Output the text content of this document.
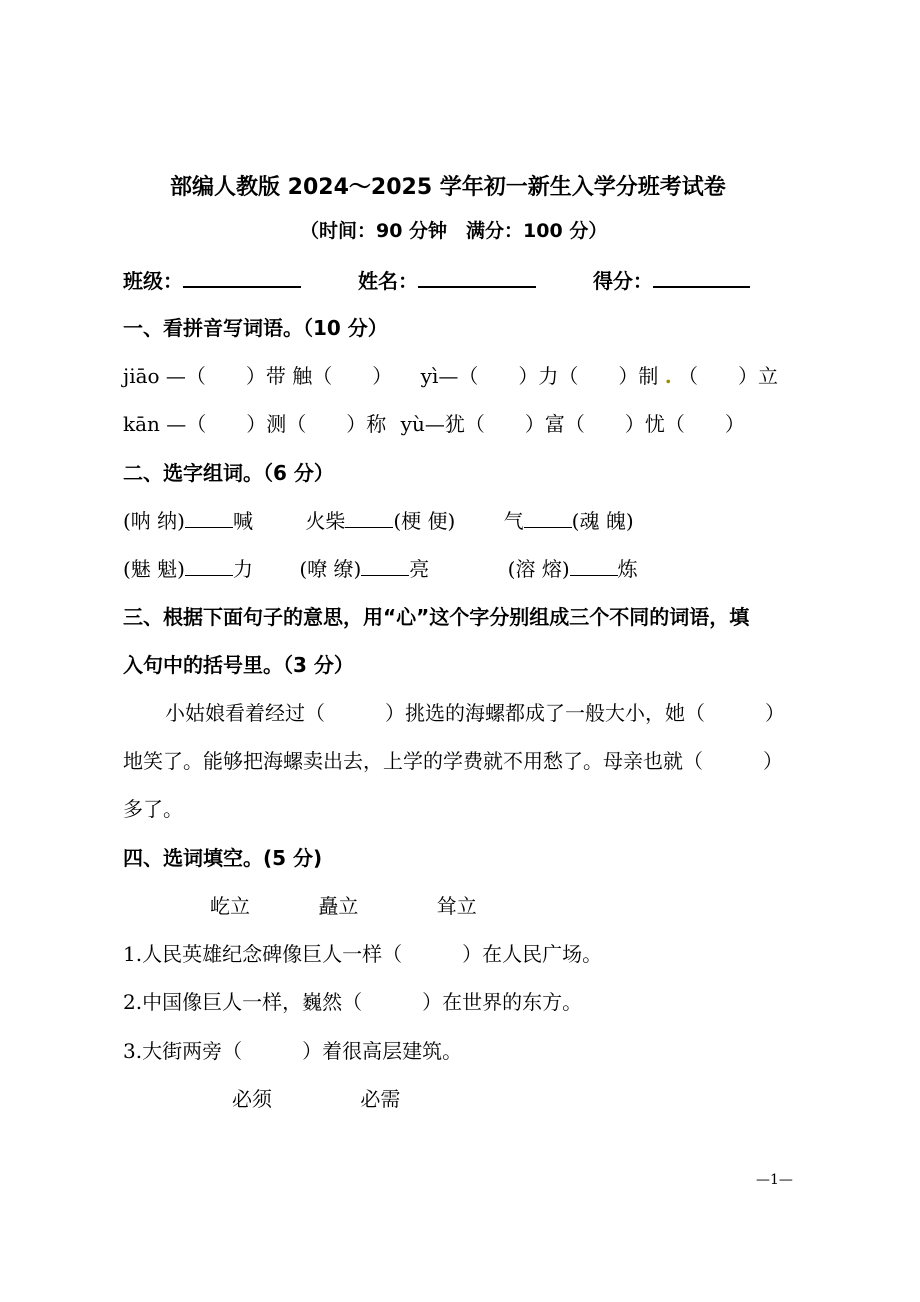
部编人教版 2024～2025 学年初一新生入学分班考试卷
（时间：90 分钟　满分：100 分）
班级：	姓名：	得分：
一、看拼音写词语。（10 分）
jiāo —（　　）带 触（　　） yì—（　　）力（　　）制 . （　　）立
kān —（　　）测（　　）称 yù—犹（　　）富（　　）忧（　　）
二、选字组词。（6 分）
(呐 纳) 喊	火柴 (梗 便) 气 (魂 魄)
(魅 魁) 力 (嘹 缭) 亮	(溶 熔) 炼
三、根据下面句子的意思，用“心”这个字分别组成三个不同的词语，填
入句中的括号里。（3 分）
小姑娘看着经过（　　　）挑选的海螺都成了一般大小，她（　　　）
地笑了。能够把海螺卖出去，上学的学费就不用愁了。母亲也就（　　　）
多了。
四、选词填空。(5 分)
屹立	矗立	耸立
1.人民英雄纪念碑像巨人一样（　　　）在人民广场。
2.中国像巨人一样，巍然（　　　）在世界的东方。
3.大街两旁（　　　）着很高层建筑。
必须	必需
—1—
